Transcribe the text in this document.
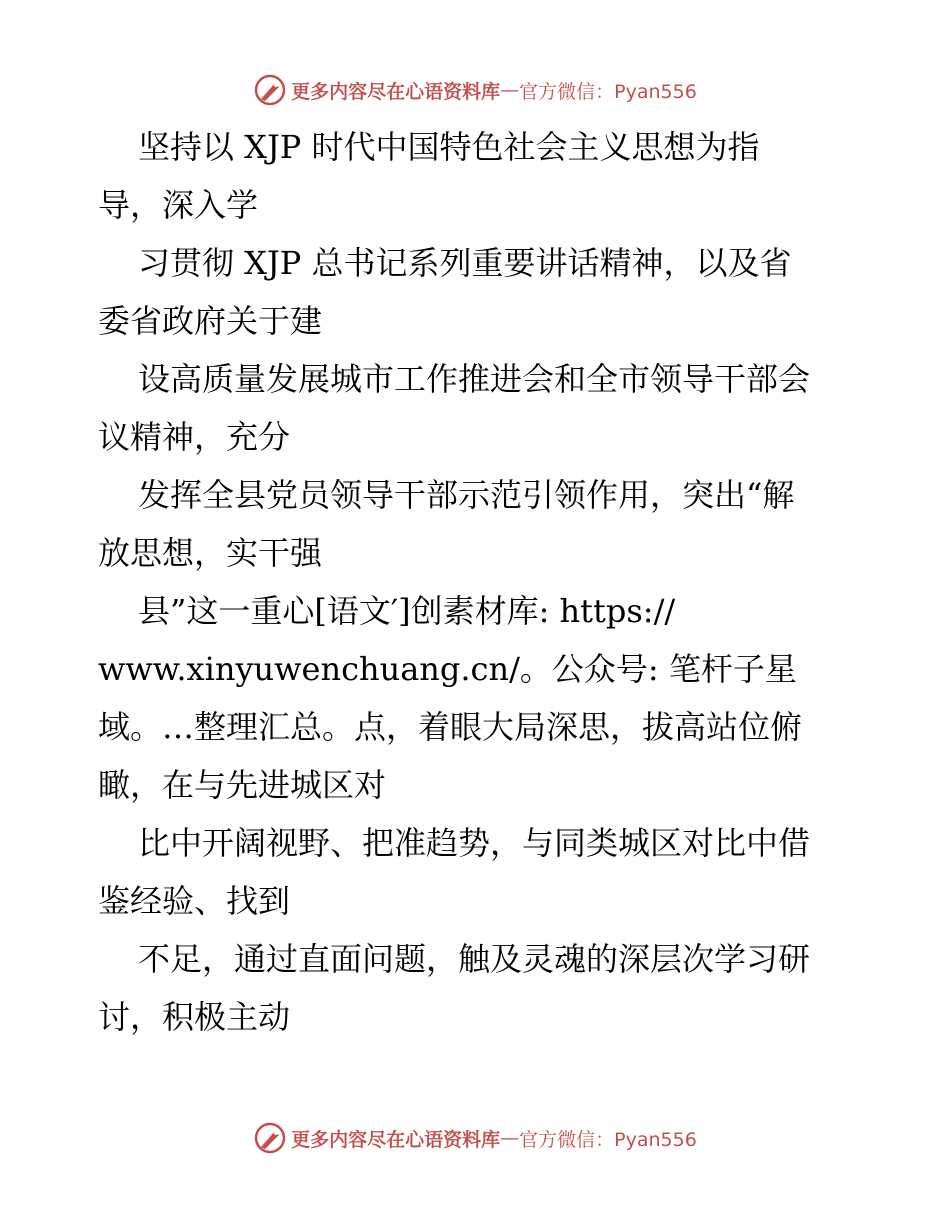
更多内容尽在心语资料库 — 官方微信：Pyan556
坚持以 XJP 时代中国特色社会主义思想为指
导，深入学
习贯彻 XJP 总书记系列重要讲话精神，以及省
委省政府关于建
设高质量发展城市工作推进会和全市领导干部会
议精神，充分
发挥全县党员领导干部示范引领作用，突出“解
放思想，实干强
县”这一重心[语文′]创素材库: https://
www.xinyuwenchuang.cn/。公众号: 笔杆子星
域。…整理汇总。点，着眼大局深思，拔高站位俯
瞰，在与先进城区对
比中开阔视野、把准趋势，与同类城区对比中借
鉴经验、找到
不足，通过直面问题，触及灵魂的深层次学习研
讨，积极主动
更多内容尽在心语资料库 — 官方微信：Pyan556
